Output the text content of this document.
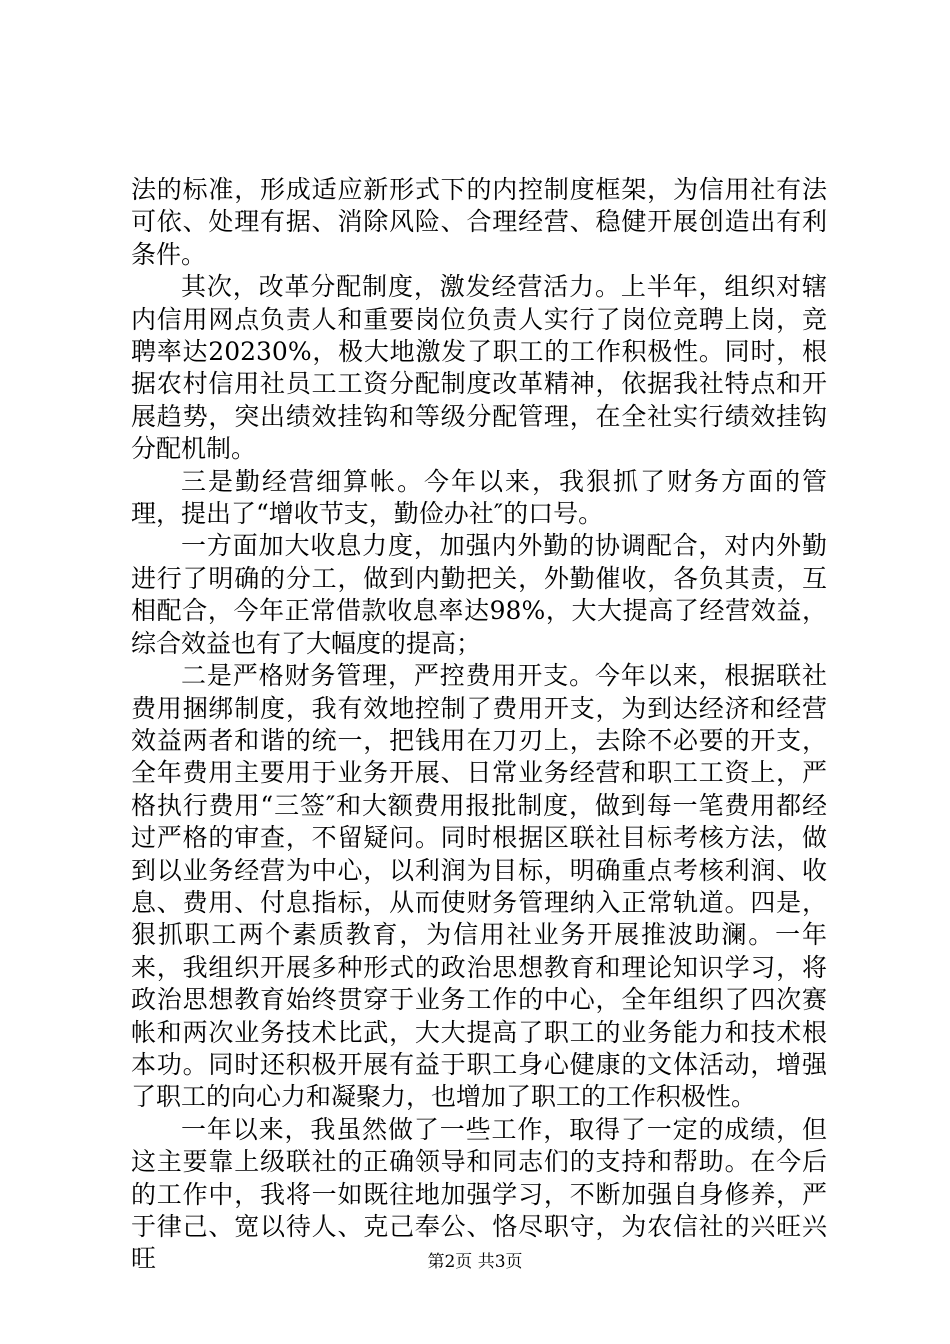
法的标准，形成适应新形式下的内控制度框架，为信用社有法可依、处理有据、消除风险、合理经营、稳健开展创造出有利条件。

其次，改革分配制度，激发经营活力。上半年，组织对辖内信用网点负责人和重要岗位负责人实行了岗位竞聘上岗，竞聘率达20230%，极大地激发了职工的工作积极性。同时，根据农村信用社员工工资分配制度改革精神，依据我社特点和开展趋势，突出绩效挂钩和等级分配管理，在全社实行绩效挂钩分配机制。

三是勤经营细算帐。今年以来，我狠抓了财务方面的管理，提出了“增收节支，勤俭办社″的口号。

一方面加大收息力度，加强内外勤的协调配合，对内外勤进行了明确的分工，做到内勤把关，外勤催收，各负其责，互相配合，今年正常借款收息率达98%，大大提高了经营效益，综合效益也有了大幅度的提高；

二是严格财务管理，严控费用开支。今年以来，根据联社费用捆绑制度，我有效地控制了费用开支，为到达经济和经营效益两者和谐的统一，把钱用在刀刃上，去除不必要的开支，全年费用主要用于业务开展、日常业务经营和职工工资上，严格执行费用“三签″和大额费用报批制度，做到每一笔费用都经过严格的审查，不留疑问。同时根据区联社目标考核方法，做到以业务经营为中心，以利润为目标，明确重点考核利润、收息、费用、付息指标，从而使财务管理纳入正常轨道。四是，狠抓职工两个素质教育，为信用社业务开展推波助澜。一年来，我组织开展多种形式的政治思想教育和理论知识学习，将政治思想教育始终贯穿于业务工作的中心，全年组织了四次赛帐和两次业务技术比武，大大提高了职工的业务能力和技术根本功。同时还积极开展有益于职工身心健康的文体活动，增强了职工的向心力和凝聚力，也增加了职工的工作积极性。

一年以来，我虽然做了一些工作，取得了一定的成绩，但这主要靠上级联社的正确领导和同志们的支持和帮助。在今后的工作中，我将一如既往地加强学习，不断加强自身修养，严于律己、宽以待人、克己奉公、恪尽职守，为农信社的兴旺兴旺	第2页 共3页
